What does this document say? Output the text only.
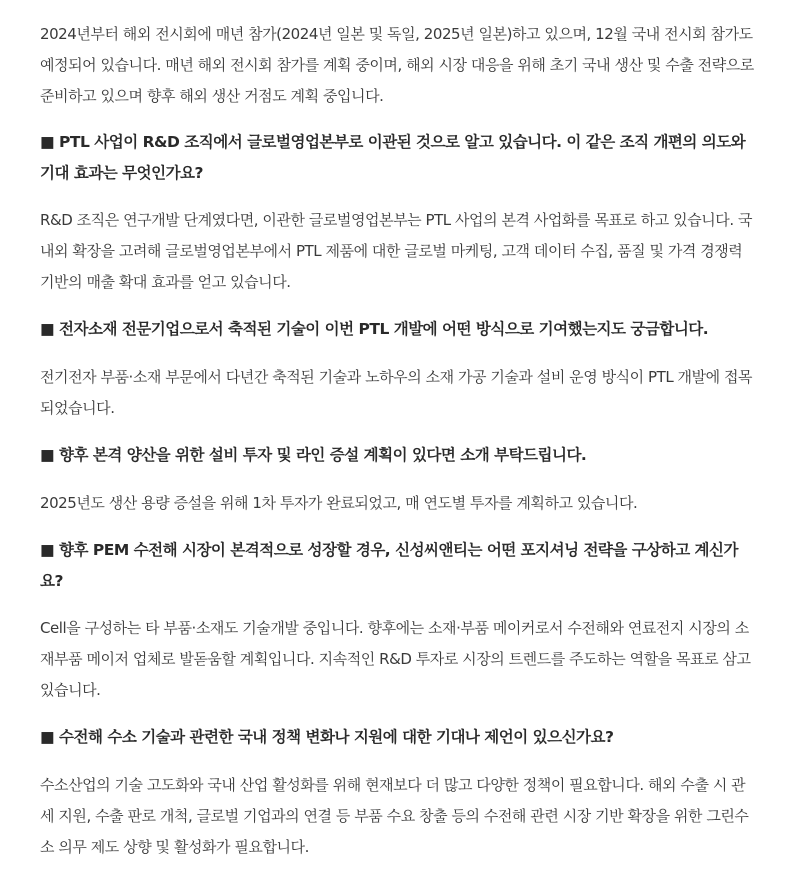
2024년부터 해외 전시회에 매년 참가(2024년 일본 및 독일, 2025년 일본)하고 있으며, 12월 국내 전시회 참가도 예정되어 있습니다. 매년 해외 전시회 참가를 계획 중이며, 해외 시장 대응을 위해 초기 국내 생산 및 수출 전략으로 준비하고 있으며 향후 해외 생산 거점도 계획 중입니다.

■ PTL 사업이 R&D 조직에서 글로벌영업본부로 이관된 것으로 알고 있습니다. 이 같은 조직 개편의 의도와 기대 효과는 무엇인가요?

R&D 조직은 연구개발 단계였다면, 이관한 글로벌영업본부는 PTL 사업의 본격 사업화를 목표로 하고 있습니다. 국내외 확장을 고려해 글로벌영업본부에서 PTL 제품에 대한 글로벌 마케팅, 고객 데이터 수집, 품질 및 가격 경쟁력 기반의 매출 확대 효과를 얻고 있습니다.

■ 전자소재 전문기업으로서 축적된 기술이 이번 PTL 개발에 어떤 방식으로 기여했는지도 궁금합니다.

전기전자 부품·소재 부문에서 다년간 축적된 기술과 노하우의 소재 가공 기술과 설비 운영 방식이 PTL 개발에 접목되었습니다.

■ 향후 본격 양산을 위한 설비 투자 및 라인 증설 계획이 있다면 소개 부탁드립니다.

2025년도 생산 용량 증설을 위해 1차 투자가 완료되었고, 매 연도별 투자를 계획하고 있습니다.

■ 향후 PEM 수전해 시장이 본격적으로 성장할 경우, 신성씨앤티는 어떤 포지셔닝 전략을 구상하고 계신가요?

Cell을 구성하는 타 부품·소재도 기술개발 중입니다. 향후에는 소재·부품 메이커로서 수전해와 연료전지 시장의 소재부품 메이저 업체로 발돋움할 계획입니다. 지속적인 R&D 투자로 시장의 트렌드를 주도하는 역할을 목표로 삼고 있습니다.

■ 수전해 수소 기술과 관련한 국내 정책 변화나 지원에 대한 기대나 제언이 있으신가요?

수소산업의 기술 고도화와 국내 산업 활성화를 위해 현재보다 더 많고 다양한 정책이 필요합니다. 해외 수출 시 관세 지원, 수출 판로 개척, 글로벌 기업과의 연결 등 부품 수요 창출 등의 수전해 관련 시장 기반 확장을 위한 그린수소 의무 제도 상향 및 활성화가 필요합니다.
